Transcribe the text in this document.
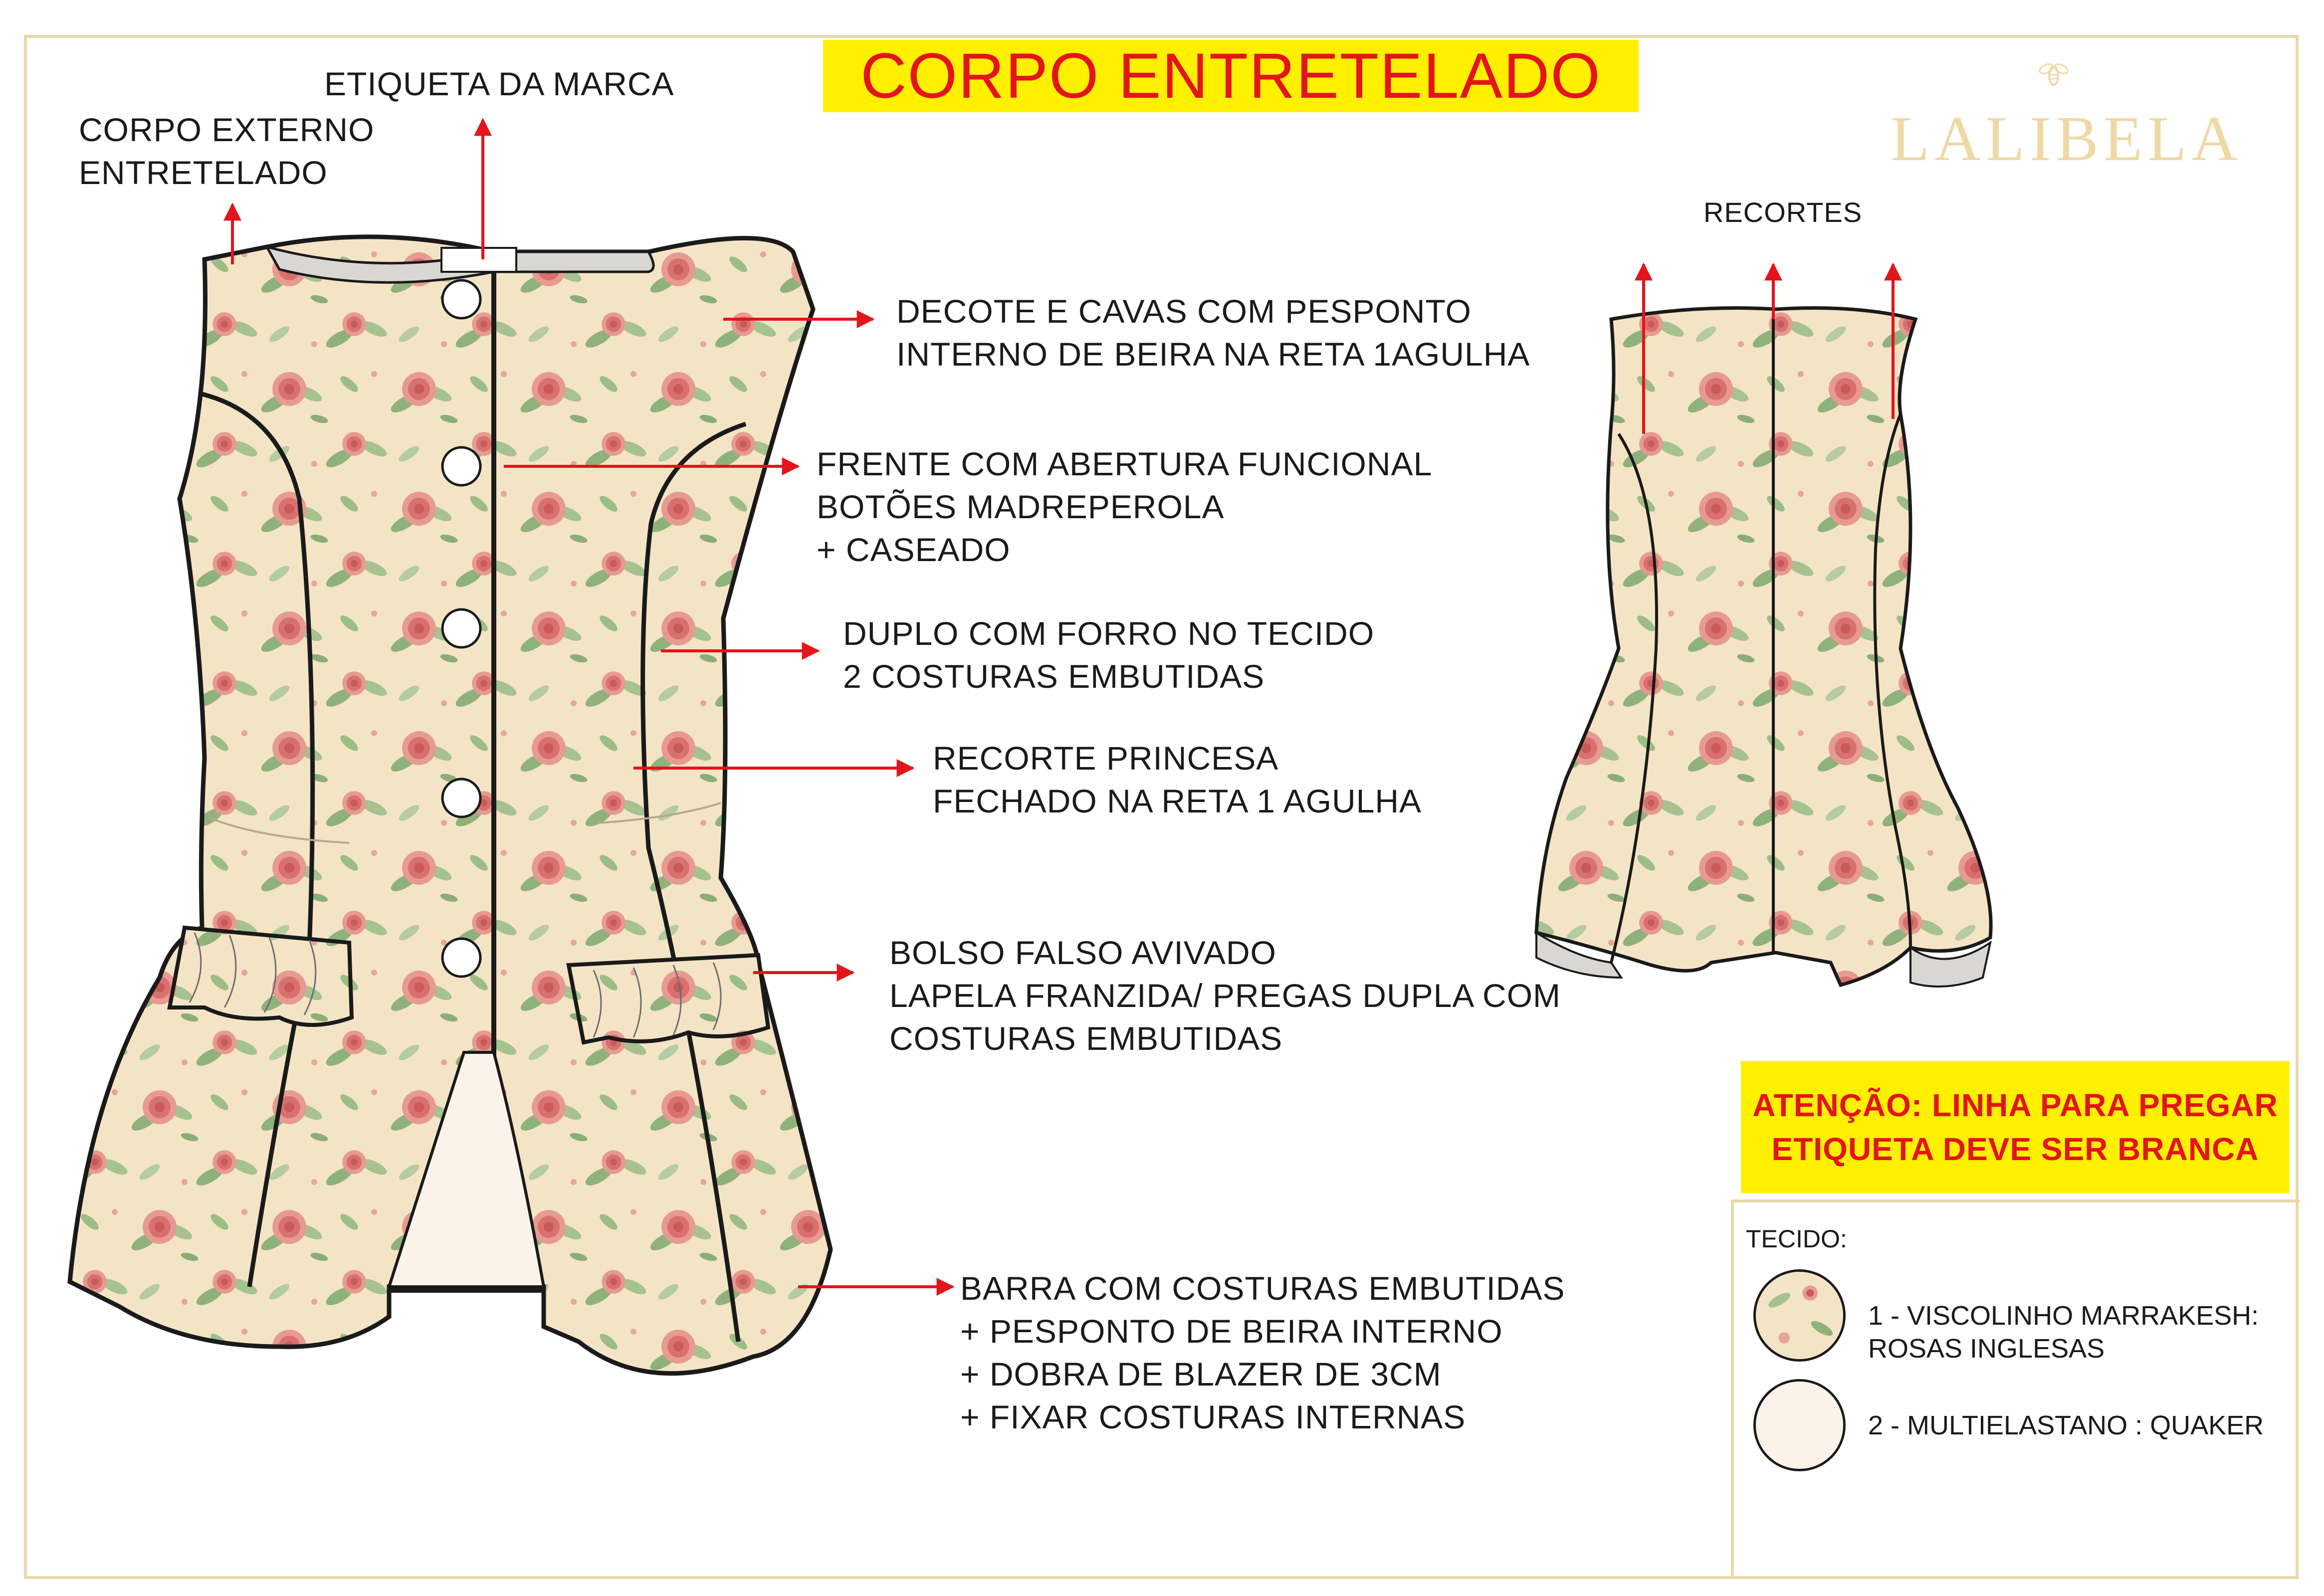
CORPO ENTRETELADO
LALIBELA
CORPO EXTERNO
ENTRETELADO
ETIQUETA DA MARCA
DECOTE E CAVAS COM PESPONTO
INTERNO DE BEIRA NA RETA 1AGULHA
FRENTE COM ABERTURA FUNCIONAL
BOTÕES MADREPEROLA
+ CASEADO
DUPLO COM FORRO NO TECIDO
2 COSTURAS EMBUTIDAS
RECORTE PRINCESA
FECHADO NA RETA 1 AGULHA
BOLSO FALSO AVIVADO
LAPELA FRANZIDA/ PREGAS DUPLA COM
COSTURAS EMBUTIDAS
BARRA COM COSTURAS EMBUTIDAS
+ PESPONTO DE BEIRA INTERNO
+ DOBRA DE BLAZER DE 3CM
+ FIXAR COSTURAS INTERNAS
RECORTES
ATENÇÃO: LINHA PARA PREGAR
ETIQUETA DEVE SER BRANCA
TECIDO:
1 - VISCOLINHO MARRAKESH:
ROSAS INGLESAS
2 - MULTIELASTANO : QUAKER
